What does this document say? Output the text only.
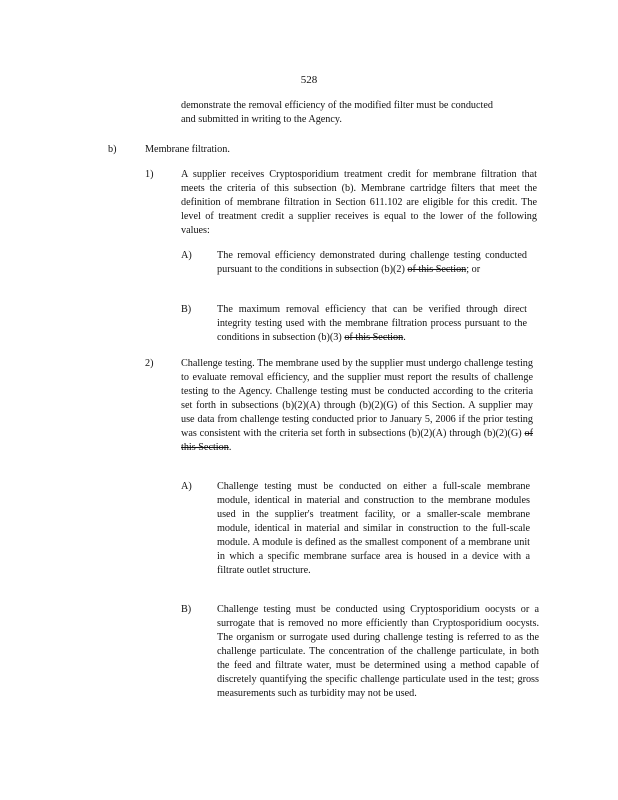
528
demonstrate the removal efficiency of the modified filter must be conducted and submitted in writing to the Agency.
b)	Membrane filtration.
1)	A supplier receives Cryptosporidium treatment credit for membrane filtration that meets the criteria of this subsection (b). Membrane cartridge filters that meet the definition of membrane filtration in Section 611.102 are eligible for this credit. The level of treatment credit a supplier receives is equal to the lower of the following values:
A) The removal efficiency demonstrated during challenge testing conducted pursuant to the conditions in subsection (b)(2) of this Section; or
B)	The maximum removal efficiency that can be verified through direct integrity testing used with the membrane filtration process pursuant to the conditions in subsection (b)(3) of this Section.
2)	Challenge testing. The membrane used by the supplier must undergo challenge testing to evaluate removal efficiency, and the supplier must report the results of challenge testing to the Agency. Challenge testing must be conducted according to the criteria set forth in subsections (b)(2)(A) through (b)(2)(G) of this Section. A supplier may use data from challenge testing conducted prior to January 5, 2006 if the prior testing was consistent with the criteria set forth in subsections (b)(2)(A) through (b)(2)(G) of this Section.
A) Challenge testing must be conducted on either a full-scale membrane module, identical in material and construction to the membrane modules used in the supplier's treatment facility, or a smaller-scale membrane module, identical in material and similar in construction to the full-scale module. A module is defined as the smallest component of a membrane unit in which a specific membrane surface area is housed in a device with a filtrate outlet structure.
B)	Challenge testing must be conducted using Cryptosporidium oocysts or a surrogate that is removed no more efficiently than Cryptosporidium oocysts. The organism or surrogate used during challenge testing is referred to as the challenge particulate. The concentration of the challenge particulate, in both the feed and filtrate water, must be determined using a method capable of discretely quantifying the specific challenge particulate used in the test; gross measurements such as turbidity may not be used.
